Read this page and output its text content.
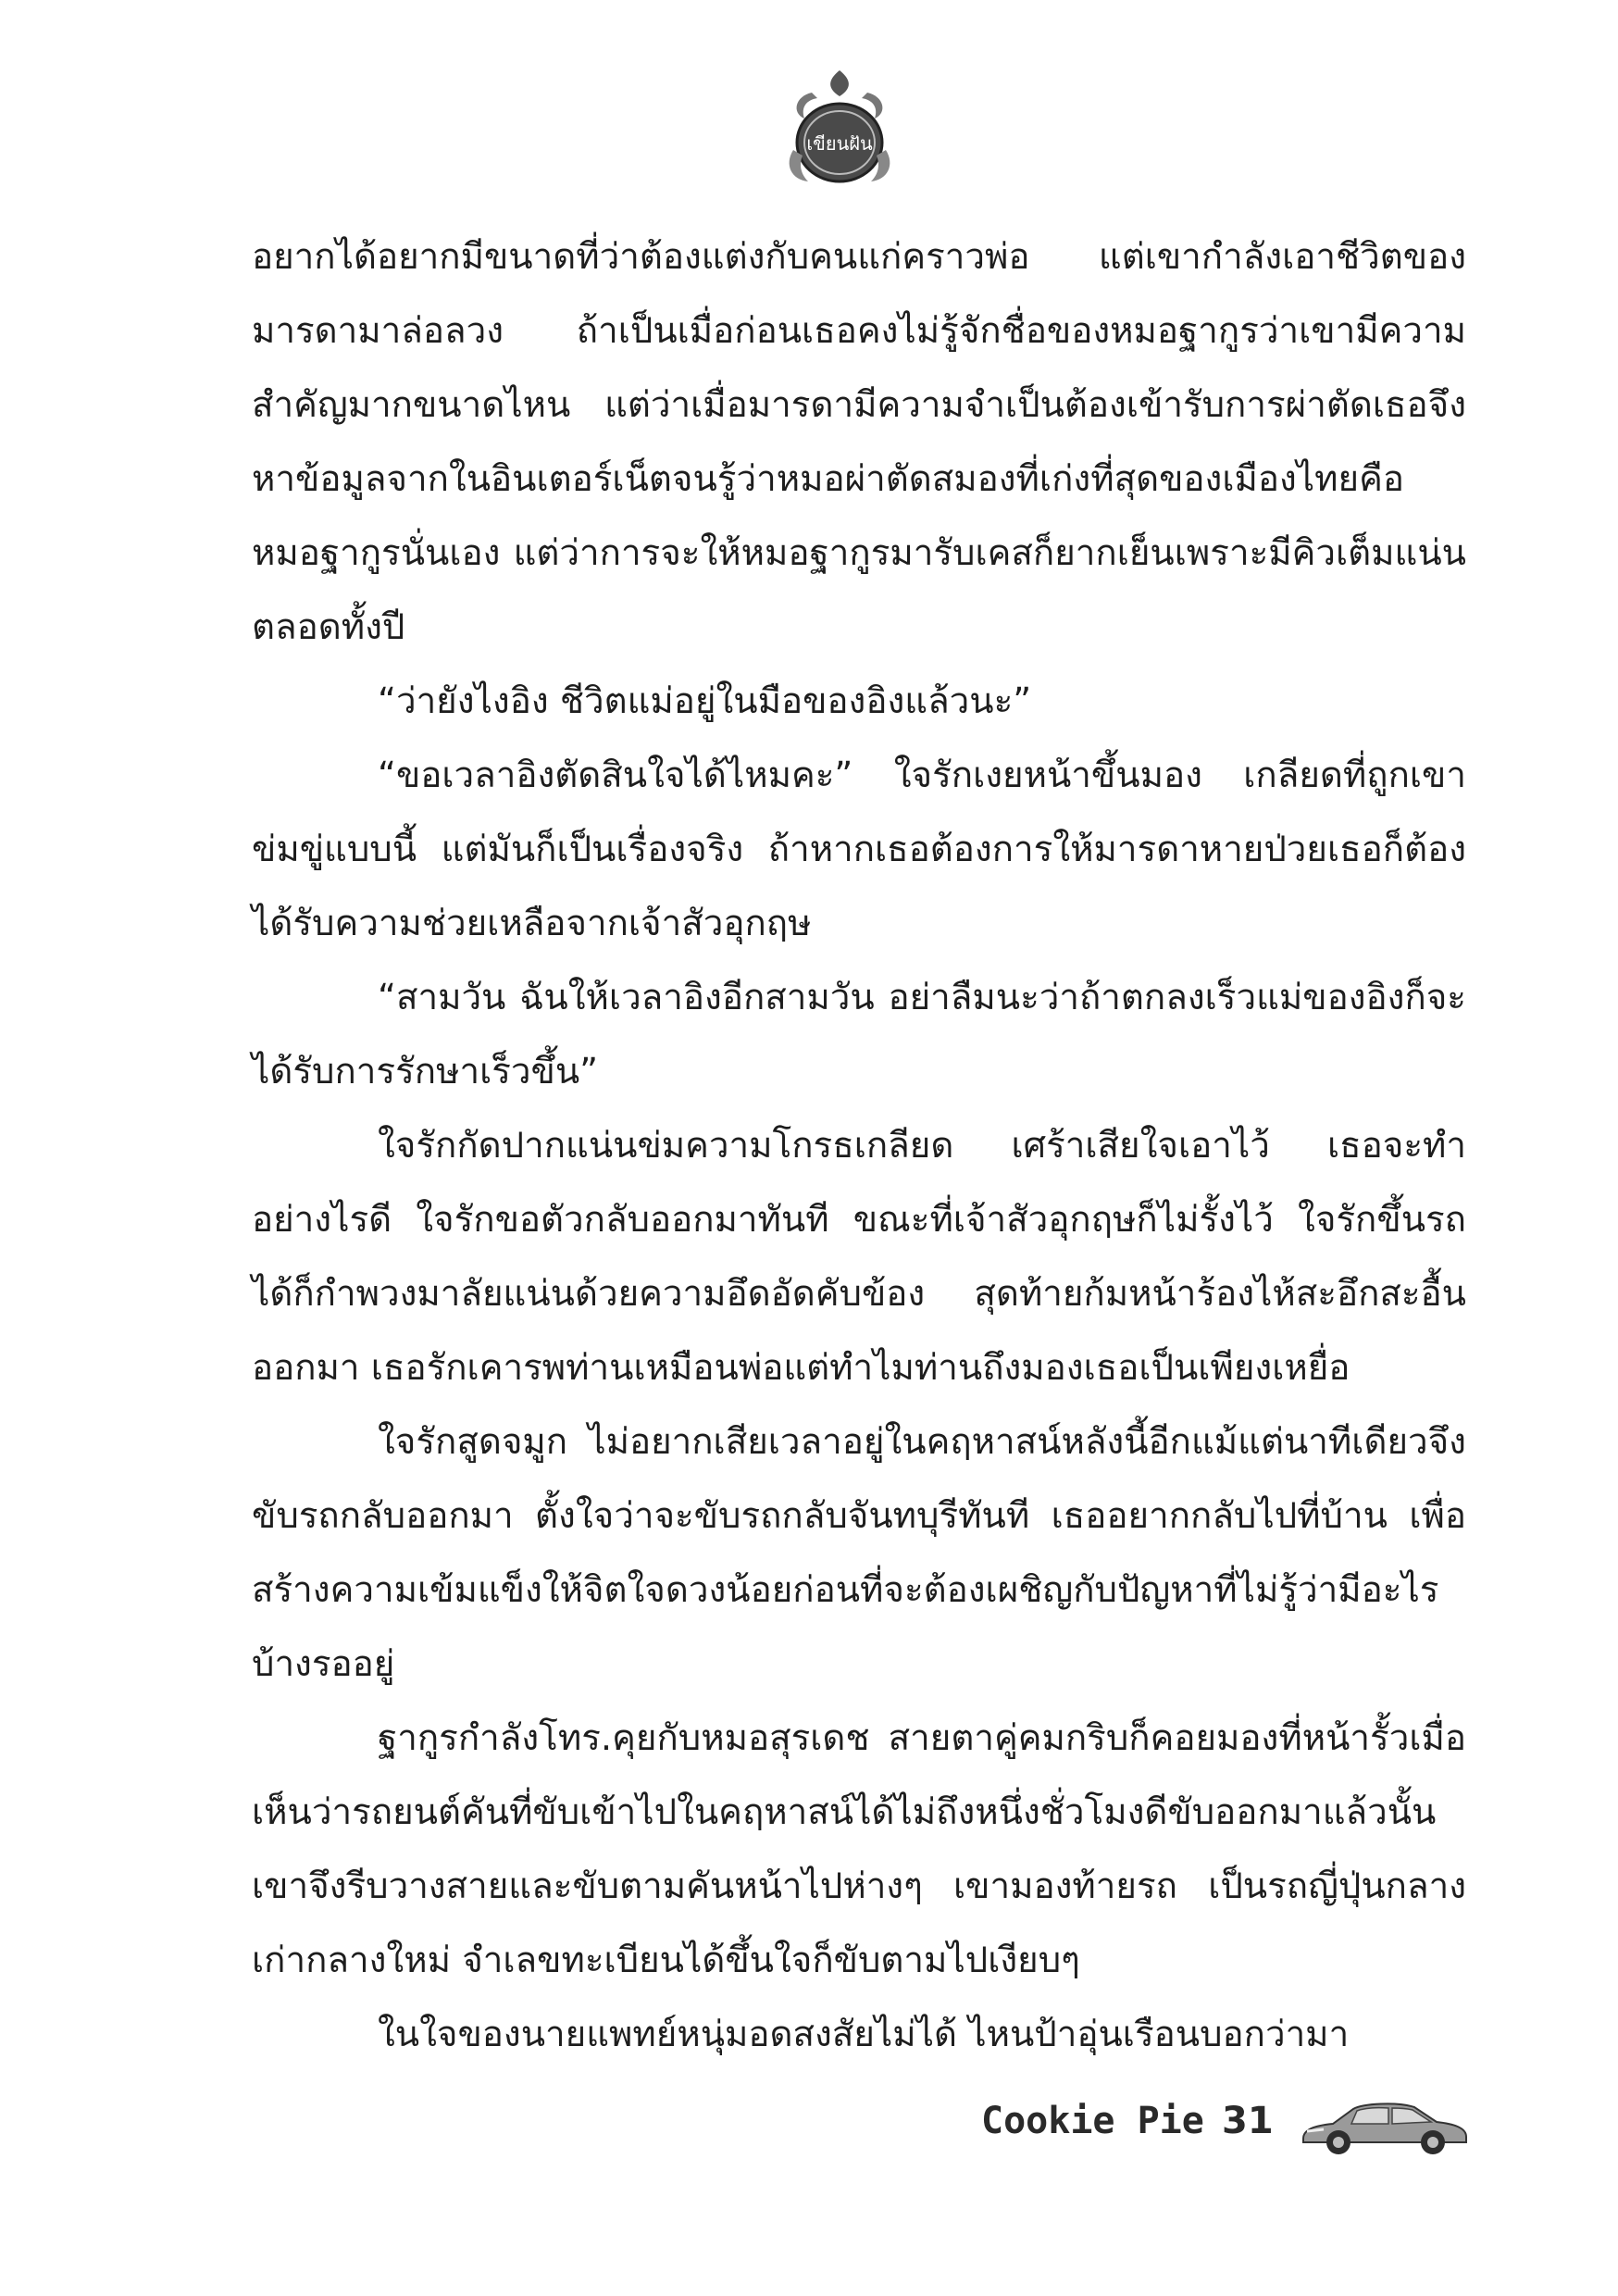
เขียนฝัน

อยากได้อยากมีขนาดที่ว่าต้องแต่งกับคนแก่คราวพ่อ แต่เขากำลังเอาชีวิตของมารดามาล่อลวง ถ้าเป็นเมื่อก่อนเธอคงไม่รู้จักชื่อของหมอฐากูรว่าเขามีความสำคัญมากขนาดไหน แต่ว่าเมื่อมารดามีความจำเป็นต้องเข้ารับการผ่าตัดเธอจึงหาข้อมูลจากในอินเตอร์เน็ตจนรู้ว่าหมอผ่าตัดสมองที่เก่งที่สุดของเมืองไทยคือหมอฐากูรนั่นเอง แต่ว่าการจะให้หมอฐากูรมารับเคสก็ยากเย็นเพราะมีคิวเต็มแน่นตลอดทั้งปี

“ว่ายังไงอิง ชีวิตแม่อยู่ในมือของอิงแล้วนะ”

“ขอเวลาอิงตัดสินใจได้ไหมคะ” ใจรักเงยหน้าขึ้นมอง เกลียดที่ถูกเขาข่มขู่แบบนี้ แต่มันก็เป็นเรื่องจริง ถ้าหากเธอต้องการให้มารดาหายป่วยเธอก็ต้องได้รับความช่วยเหลือจากเจ้าสัวอุกฤษ

“สามวัน ฉันให้เวลาอิงอีกสามวัน อย่าลืมนะว่าถ้าตกลงเร็วแม่ของอิงก็จะได้รับการรักษาเร็วขึ้น”

ใจรักกัดปากแน่นข่มความโกรธเกลียด เศร้าเสียใจเอาไว้ เธอจะทำอย่างไรดี ใจรักขอตัวกลับออกมาทันที ขณะที่เจ้าสัวอุกฤษก็ไม่รั้งไว้ ใจรักขึ้นรถได้ก็กำพวงมาลัยแน่นด้วยความอึดอัดคับข้อง สุดท้ายก้มหน้าร้องไห้สะอึกสะอื้นออกมา เธอรักเคารพท่านเหมือนพ่อแต่ทำไมท่านถึงมองเธอเป็นเพียงเหยื่อ

ใจรักสูดจมูก ไม่อยากเสียเวลาอยู่ในคฤหาสน์หลังนี้อีกแม้แต่นาทีเดียวจึงขับรถกลับออกมา ตั้งใจว่าจะขับรถกลับจันทบุรีทันที เธออยากกลับไปที่บ้าน เพื่อสร้างความเข้มแข็งให้จิตใจดวงน้อยก่อนที่จะต้องเผชิญกับปัญหาที่ไม่รู้ว่ามีอะไรบ้างรออยู่

ฐากูรกำลังโทร.คุยกับหมอสุรเดช สายตาคู่คมกริบก็คอยมองที่หน้ารั้วเมื่อเห็นว่ารถยนต์คันที่ขับเข้าไปในคฤหาสน์ได้ไม่ถึงหนึ่งชั่วโมงดีขับออกมาแล้วนั้น เขาจึงรีบวางสายและขับตามคันหน้าไปห่างๆ เขามองท้ายรถ เป็นรถญี่ปุ่นกลางเก่ากลางใหม่ จำเลขทะเบียนได้ขึ้นใจก็ขับตามไปเงียบๆ

ในใจของนายแพทย์หนุ่มอดสงสัยไม่ได้ ไหนป้าอุ่นเรือนบอกว่ามา

Cookie Pie 31
